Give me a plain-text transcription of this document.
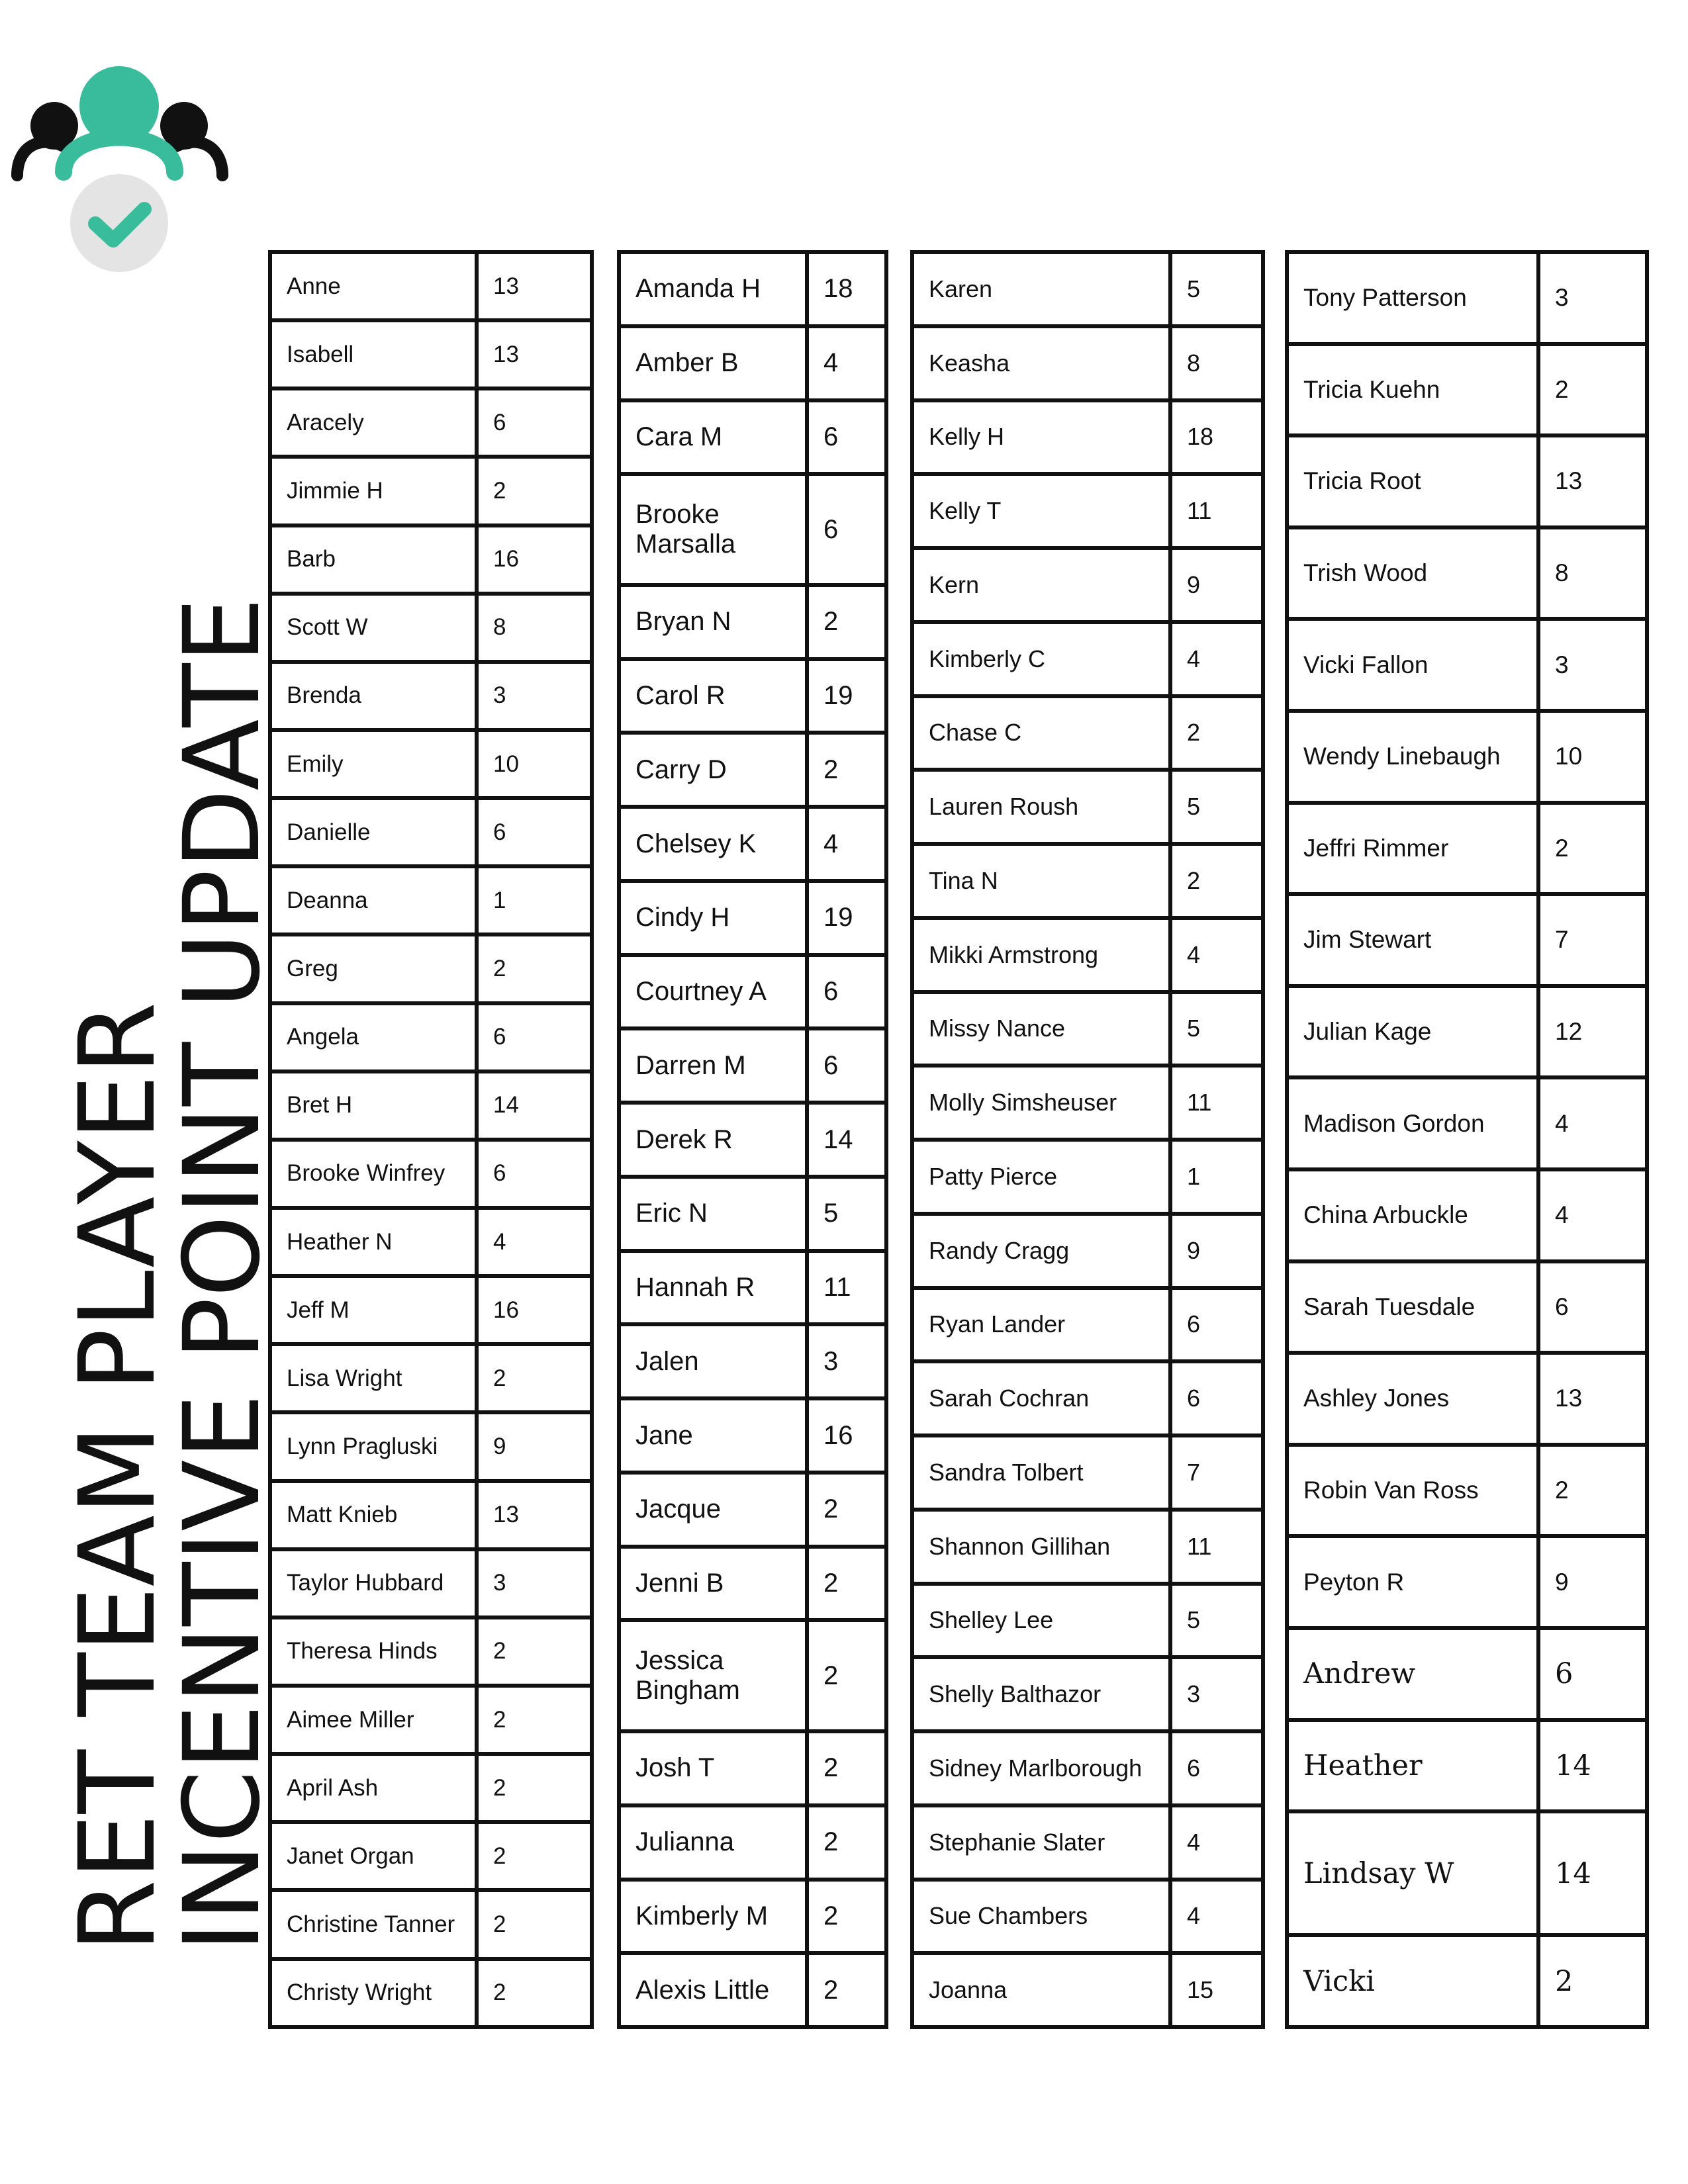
RET TEAM PLAYER
INCENTIVE POINT UPDATE
Anne	13
Isabell	13
Aracely	6
Jimmie H	2
Barb	16
Scott W	8
Brenda	3
Emily	10
Danielle	6
Deanna	1
Greg	2
Angela	6
Bret H	14
Brooke Winfrey	6
Heather N	4
Jeff M	16
Lisa Wright	2
Lynn Pragluski	9
Matt Knieb	13
Taylor Hubbard	3
Theresa Hinds	2
Aimee Miller	2
April Ash	2
Janet Organ	2
Christine Tanner	2
Christy Wright	2
Amanda H	18
Amber B	4
Cara M	6
Brooke Marsalla	6
Bryan N	2
Carol R	19
Carry D	2
Chelsey K	4
Cindy H	19
Courtney A	6
Darren M	6
Derek R	14
Eric N	5
Hannah R	11
Jalen	3
Jane	16
Jacque	2
Jenni B	2
Jessica Bingham	2
Josh T	2
Julianna	2
Kimberly M	2
Alexis Little	2
Karen	5
Keasha	8
Kelly H	18
Kelly T	11
Kern	9
Kimberly C	4
Chase C	2
Lauren Roush	5
Tina N	2
Mikki Armstrong	4
Missy Nance	5
Molly Simsheuser	11
Patty Pierce	1
Randy Cragg	9
Ryan Lander	6
Sarah Cochran	6
Sandra Tolbert	7
Shannon Gillihan	11
Shelley Lee	5
Shelly Balthazor	3
Sidney Marlborough	6
Stephanie Slater	4
Sue Chambers	4
Joanna	15
Tony Patterson	3
Tricia Kuehn	2
Tricia Root	13
Trish Wood	8
Vicki Fallon	3
Wendy Linebaugh	10
Jeffri Rimmer	2
Jim Stewart	7
Julian Kage	12
Madison Gordon	4
China Arbuckle	4
Sarah Tuesdale	6
Ashley Jones	13
Robin Van Ross	2
Peyton R	9
Andrew	6
Heather	14
Lindsay W	14
Vicki	2
